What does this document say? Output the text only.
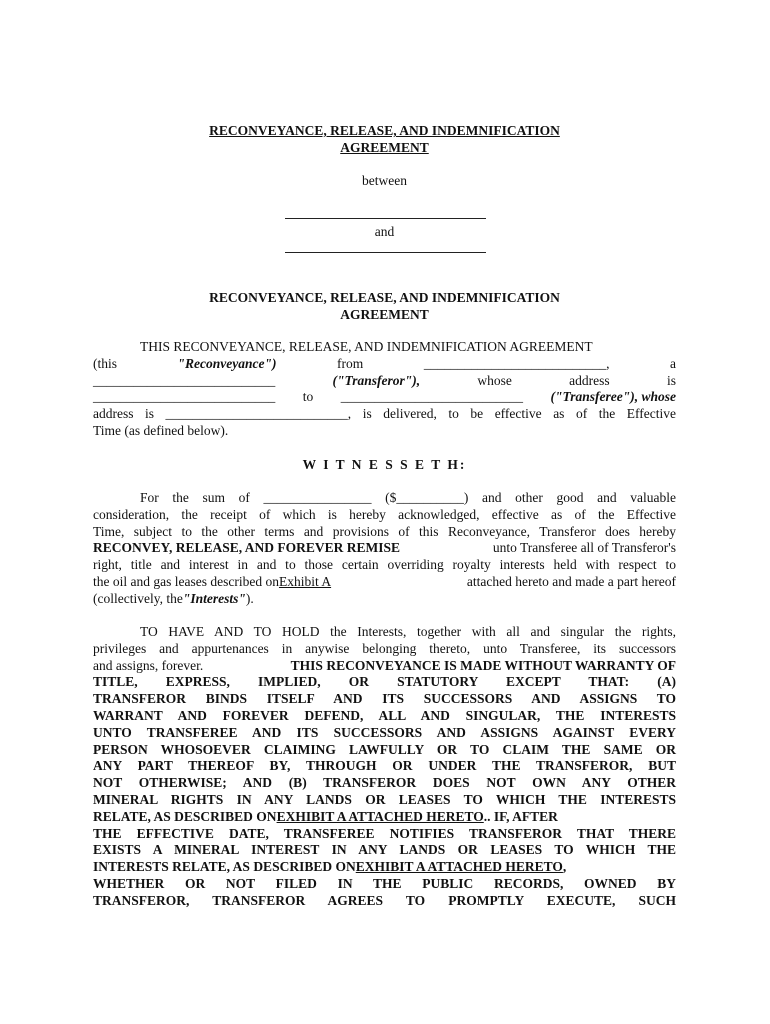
RECONVEYANCE, RELEASE, AND INDEMNIFICATION
AGREEMENT
between
and
RECONVEYANCE, RELEASE, AND INDEMNIFICATION
AGREEMENT
THIS RECONVEYANCE, RELEASE, AND INDEMNIFICATION AGREEMENT
(this	"Reconveyance")	from	___________________________,	a
___________________________	("Transferor"),	whose	address	is
___________________________ to ___________________________ ("Transferee"), whose
address is ___________________________, is delivered, to be effective as of the Effective
Time (as defined below).
W I T N E S S E T H:
For the sum of ________________ ($__________) and other good and valuable
consideration, the receipt of which is hereby acknowledged, effective as of the Effective
Time, subject to the other terms and provisions of this Reconveyance, Transferor does hereby
RECONVEY, RELEASE, AND FOREVER REMISE	unto Transferee all of Transferor's
right, title and interest in and to those certain overriding royalty interests held with respect to
the oil and gas leases described onExhibit A	attached hereto and made a part hereof
(collectively, the "Interests" ).
TO HAVE AND TO HOLD the Interests, together with all and singular the rights,
privileges and appurtenances in anywise belonging thereto, unto Transferee, its successors
and assigns, forever.	THIS RECONVEYANCE IS MADE WITHOUT WARRANTY OF
TITLE, EXPRESS, IMPLIED, OR STATUTORY EXCEPT THAT: (A)
TRANSFEROR BINDS ITSELF AND ITS SUCCESSORS AND ASSIGNS TO
WARRANT AND FOREVER DEFEND, ALL AND SINGULAR, THE INTERESTS
UNTO TRANSFEREE AND ITS SUCCESSORS AND ASSIGNS AGAINST EVERY
PERSON WHOSOEVER CLAIMING LAWFULLY OR TO CLAIM THE SAME OR
ANY PART THEREOF BY, THROUGH OR UNDER THE TRANSFEROR, BUT
NOT OTHERWISE; AND (B) TRANSFEROR DOES NOT OWN ANY OTHER
MINERAL RIGHTS IN ANY LANDS OR LEASES TO WHICH THE INTERESTS
RELATE, AS DESCRIBED ONEXHIBIT A ATTACHED HERETO.. IF, AFTER
THE EFFECTIVE DATE, TRANSFEREE NOTIFIES TRANSFEROR THAT THERE
EXISTS A MINERAL INTEREST IN ANY LANDS OR LEASES TO WHICH THE
INTERESTS RELATE, AS DESCRIBED ONEXHIBIT A ATTACHED HERETO,
WHETHER OR NOT FILED IN THE PUBLIC RECORDS, OWNED BY
TRANSFEROR, TRANSFEROR AGREES TO PROMPTLY EXECUTE, SUCH
